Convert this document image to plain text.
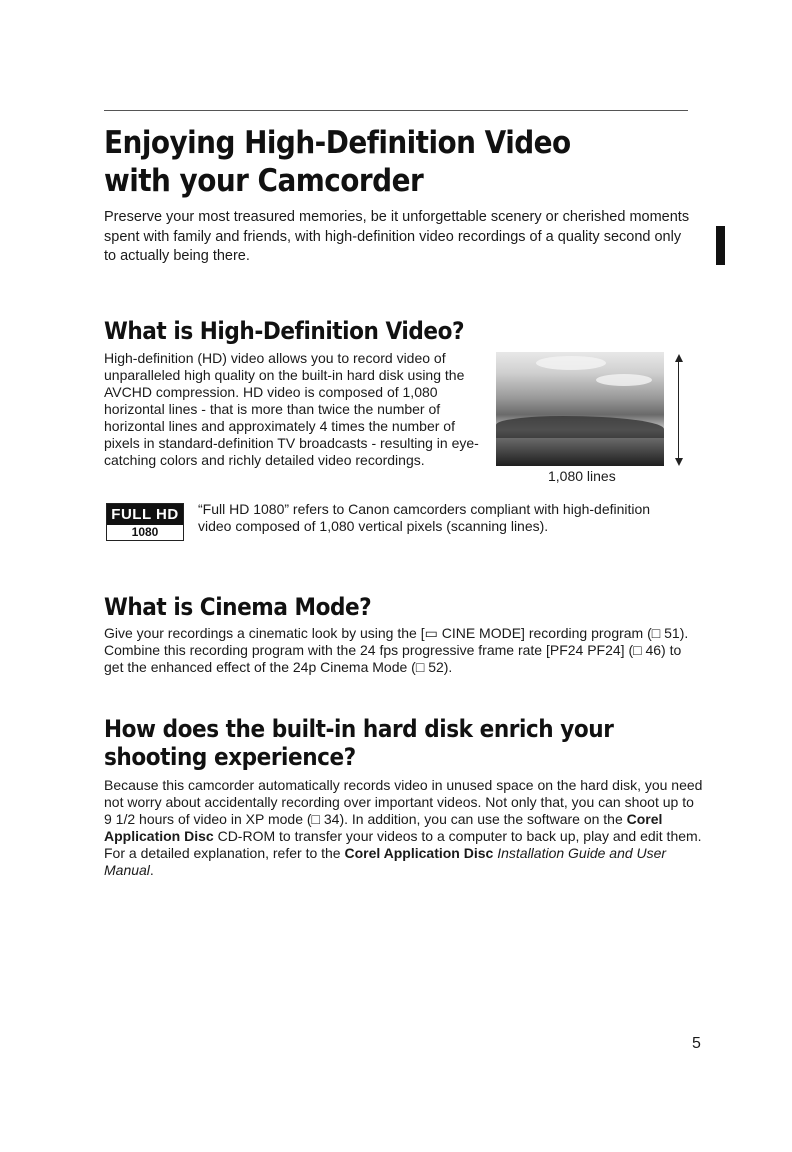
Enjoying High-Definition Video with your Camcorder

Preserve your most treasured memories, be it unforgettable scenery or cherished moments spent with family and friends, with high-definition video recordings of a quality second only to actually being there.

What is High-Definition Video?

High-definition (HD) video allows you to record video of unparalleled high quality on the built-in hard disk using the AVCHD compression. HD video is composed of 1,080 horizontal lines - that is more than twice the number of horizontal lines and approximately 4 times the number of pixels in standard-definition TV broadcasts - resulting in eye-catching colors and richly detailed video recordings.

1,080 lines
FULL HD
1080

“Full HD 1080” refers to Canon camcorders compliant with high-definition video composed of 1,080 vertical pixels (scanning lines).

What is Cinema Mode?

Give your recordings a cinematic look by using the [▭ CINE MODE] recording program (□ 51). Combine this recording program with the 24 fps progressive frame rate [PF24 PF24] (□ 46) to get the enhanced effect of the 24p Cinema Mode (□ 52).

How does the built-in hard disk enrich your shooting experience?

Because this camcorder automatically records video in unused space on the hard disk, you need not worry about accidentally recording over important videos. Not only that, you can shoot up to 9 1/2 hours of video in XP mode (□ 34). In addition, you can use the software on the Corel Application Disc CD-ROM to transfer your videos to a computer to back up, play and edit them. For a detailed explanation, refer to the Corel Application Disc Installation Guide and User Manual.

5
